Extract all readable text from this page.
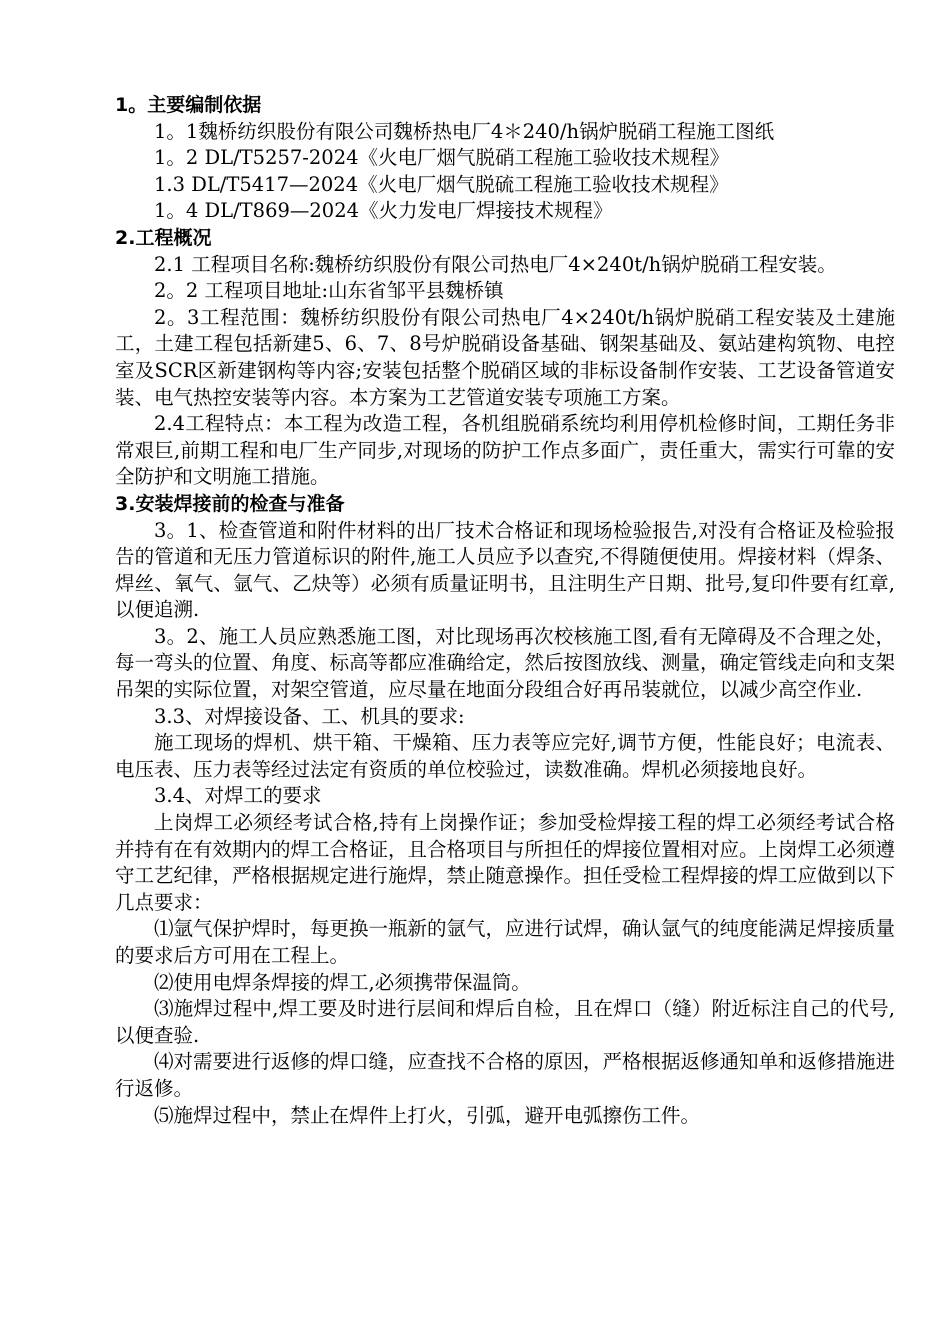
1。主要编制依据

1。1魏桥纺织股份有限公司魏桥热电厂4＊240/h锅炉脱硝工程施工图纸

1。2 DL/T5257-2024《火电厂烟气脱硝工程施工验收技术规程》

1.3 DL/T5417—2024《火电厂烟气脱硫工程施工验收技术规程》

1。4 DL/T869—2024《火力发电厂焊接技术规程》

2.工程概况

2.1 工程项目名称:魏桥纺织股份有限公司热电厂4×240t/h锅炉脱硝工程安装。

2。2 工程项目地址:山东省邹平县魏桥镇

2。3工程范围：魏桥纺织股份有限公司热电厂4×240t/h锅炉脱硝工程安装及土建施工，土建工程包括新建5、6、7、8号炉脱硝设备基础、钢架基础及、氨站建构筑物、电控室及SCR区新建钢构等内容;安装包括整个脱硝区域的非标设备制作安装、工艺设备管道安装、电气热控安装等内容。本方案为工艺管道安装专项施工方案。

2.4工程特点：本工程为改造工程，各机组脱硝系统均利用停机检修时间，工期任务非常艰巨,前期工程和电厂生产同步,对现场的防护工作点多面广，责任重大，需实行可靠的安全防护和文明施工措施。

3.安装焊接前的检查与准备

3。1、检查管道和附件材料的出厂技术合格证和现场检验报告,对没有合格证及检验报告的管道和无压力管道标识的附件,施工人员应予以查究,不得随便使用。焊接材料（焊条、焊丝、氧气、氩气、乙炔等）必须有质量证明书，且注明生产日期、批号,复印件要有红章,以便追溯.

3。2、施工人员应熟悉施工图，对比现场再次校核施工图,看有无障碍及不合理之处，每一弯头的位置、角度、标高等都应准确给定，然后按图放线、测量，确定管线走向和支架吊架的实际位置，对架空管道，应尽量在地面分段组合好再吊装就位，以减少高空作业.

3.3、对焊接设备、工、机具的要求:

施工现场的焊机、烘干箱、干燥箱、压力表等应完好,调节方便，性能良好；电流表、电压表、压力表等经过法定有资质的单位校验过，读数准确。焊机必须接地良好。

3.4、对焊工的要求

上岗焊工必须经考试合格,持有上岗操作证；参加受检焊接工程的焊工必须经考试合格并持有在有效期内的焊工合格证，且合格项目与所担任的焊接位置相对应。上岗焊工必须遵守工艺纪律，严格根据规定进行施焊，禁止随意操作。担任受检工程焊接的焊工应做到以下几点要求：

⑴氩气保护焊时，每更换一瓶新的氩气，应进行试焊，确认氩气的纯度能满足焊接质量的要求后方可用在工程上。

⑵使用电焊条焊接的焊工,必须携带保温筒。

⑶施焊过程中,焊工要及时进行层间和焊后自检，且在焊口（缝）附近标注自己的代号,以便查验.

⑷对需要进行返修的焊口缝，应查找不合格的原因，严格根据返修通知单和返修措施进行返修。

⑸施焊过程中，禁止在焊件上打火，引弧，避开电弧擦伤工件。
